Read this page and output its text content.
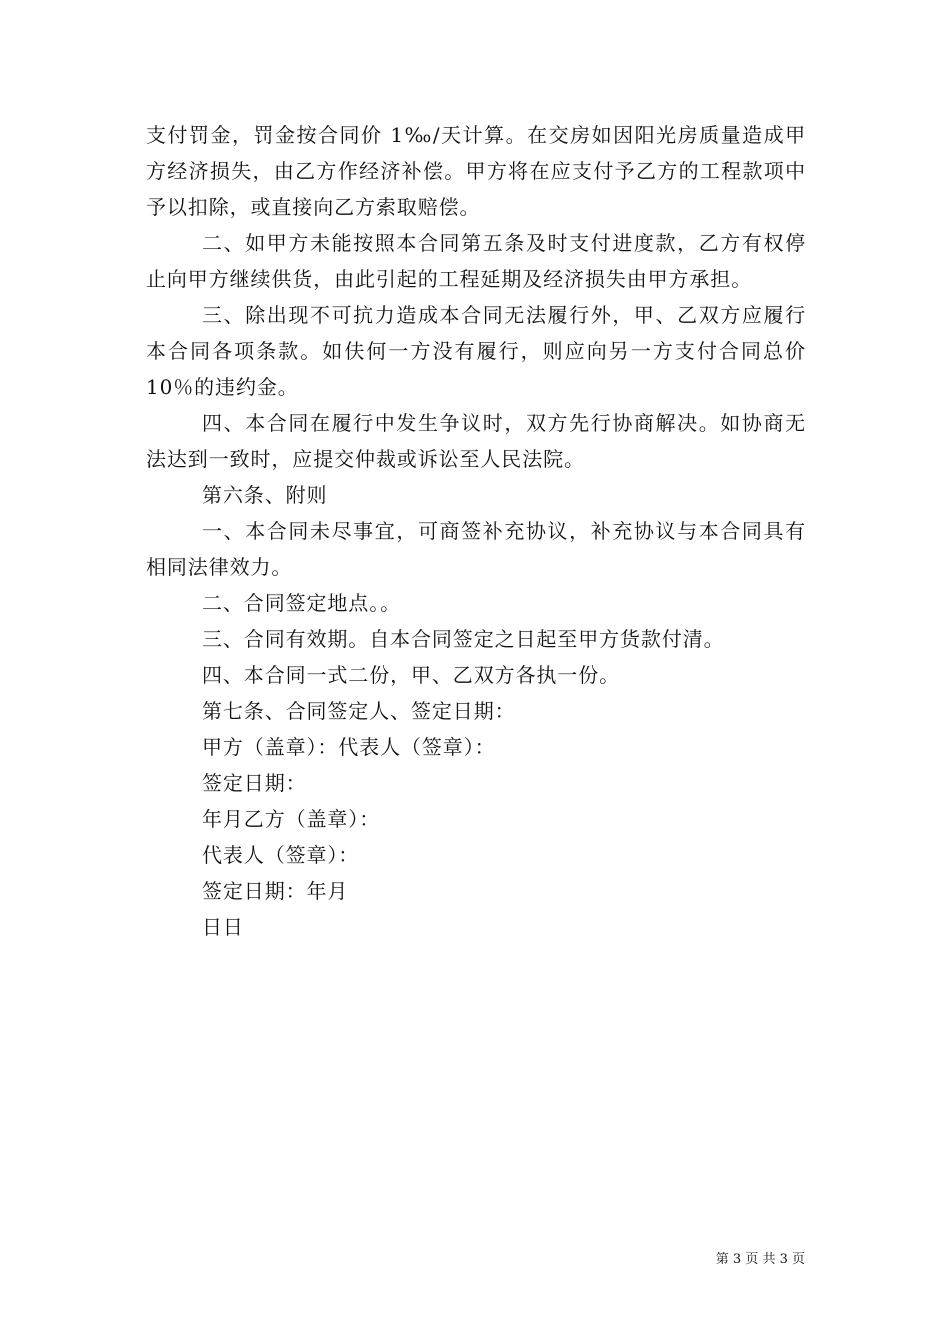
支付罚金，罚金按合同价 1‰/天计算。在交房如因阳光房质量造成甲方经济损失，由乙方作经济补偿。甲方将在应支付予乙方的工程款项中予以扣除，或直接向乙方索取赔偿。

二、如甲方未能按照本合同第五条及时支付进度款，乙方有权停止向甲方继续供货，由此引起的工程延期及经济损失由甲方承担。

三、除出现不可抗力造成本合同无法履行外，甲、乙双方应履行本合同各项条款。如伕何一方没有履行，则应向另一方支付合同总价 10％的违约金。

四、本合同在履行中发生争议时，双方先行协商解决。如协商无法达到一致时，应提交仲裁或诉讼至人民法院。

第六条、附则

一、本合同未尽事宜，可商签补充协议，补充协议与本合同具有相同法律效力。

二、合同签定地点。。

三、合同有效期。自本合同签定之日起至甲方货款付清。

四、本合同一式二份，甲、乙双方各执一份。

第七条、合同签定人、签定日期：

甲方（盖章）：代表人（签章）：

签定日期：

年月乙方（盖章）：

代表人（签章）：

签定日期：年月

日日

第 3 页 共 3 页
